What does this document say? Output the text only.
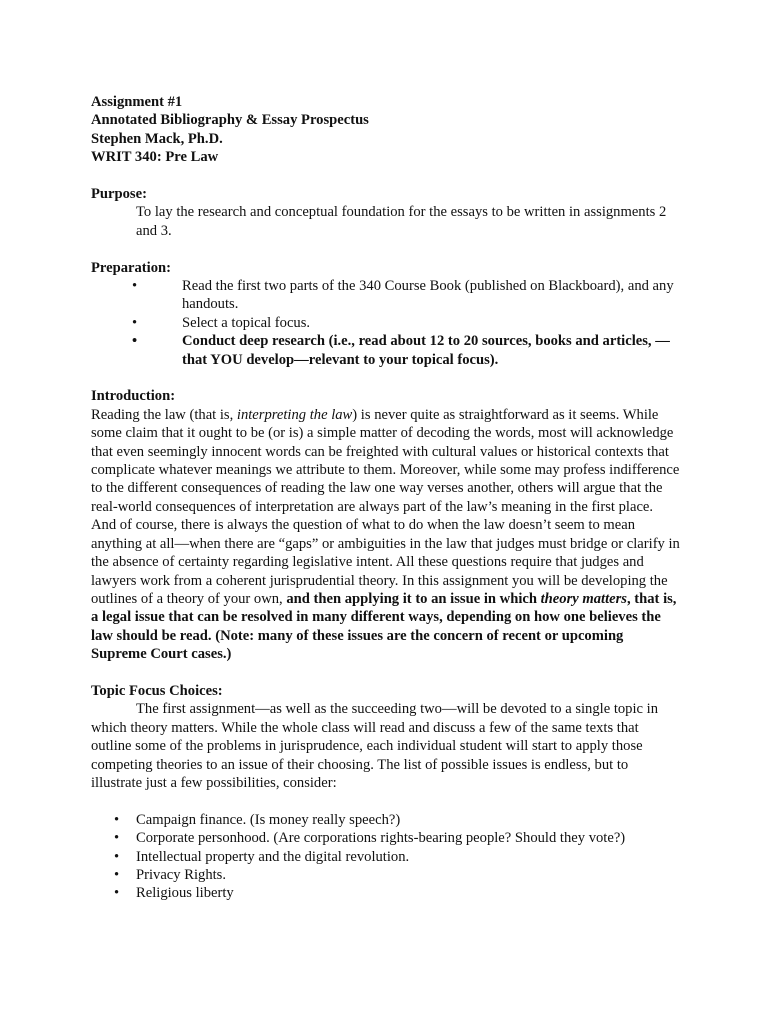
Assignment #1
Annotated Bibliography & Essay Prospectus
Stephen Mack, Ph.D.
WRIT 340: Pre Law
Purpose:
To lay the research and conceptual foundation for the essays to be written in assignments 2 and 3.
Preparation:
•	Read the first two parts of the 340 Course Book (published on Blackboard), and any handouts.
•	Select a topical focus.
•	Conduct deep research (i.e., read about 12 to 20 sources, books and articles, —that YOU develop—relevant to your topical focus).
Introduction:

Reading the law (that is, interpreting the law) is never quite as straightforward as it seems. While some claim that it ought to be (or is) a simple matter of decoding the words, most will acknowledge that even seemingly innocent words can be freighted with cultural values or historical contexts that complicate whatever meanings we attribute to them. Moreover, while some may profess indifference to the different consequences of reading the law one way verses another, others will argue that the real-world consequences of interpretation are always part of the law’s meaning in the first place. And of course, there is always the question of what to do when the law doesn’t seem to mean anything at all—when there are “gaps” or ambiguities in the law that judges must bridge or clarify in the absence of certainty regarding legislative intent. All these questions require that judges and lawyers work from a coherent jurisprudential theory. In this assignment you will be developing the outlines of a theory of your own, and then applying it to an issue in which theory matters, that is, a legal issue that can be resolved in many different ways, depending on how one believes the law should be read. (Note: many of these issues are the concern of recent or upcoming Supreme Court cases.)

Topic Focus Choices:

The first assignment—as well as the succeeding two—will be devoted to a single topic in which theory matters. While the whole class will read and discuss a few of the same texts that outline some of the problems in jurisprudence, each individual student will start to apply those competing theories to an issue of their choosing. The list of possible issues is endless, but to illustrate just a few possibilities, consider:

• Campaign finance. (Is money really speech?)
• Corporate personhood. (Are corporations rights-bearing people? Should they vote?)
• Intellectual property and the digital revolution.
• Privacy Rights.
• Religious liberty
